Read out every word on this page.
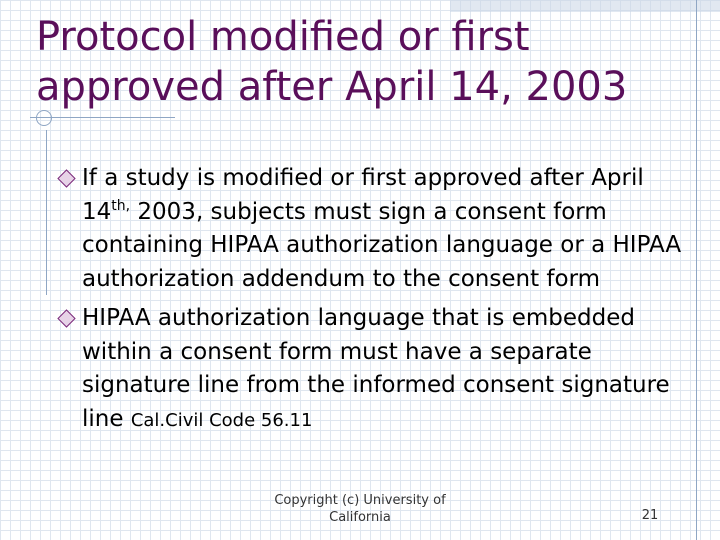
Protocol modified or first approved after April 14, 2003
If a study is modified or first approved after April $14^{th,}$ 2003, subjects must sign a consent form containing HIPAA authorization language or a HIPAA authorization addendum to the consent form
HIPAA authorization language that is embedded within a consent form must have a separate signature line from the informed consent signature line Cal.Civil Code 56.11
Copyright (c) University of California	21
